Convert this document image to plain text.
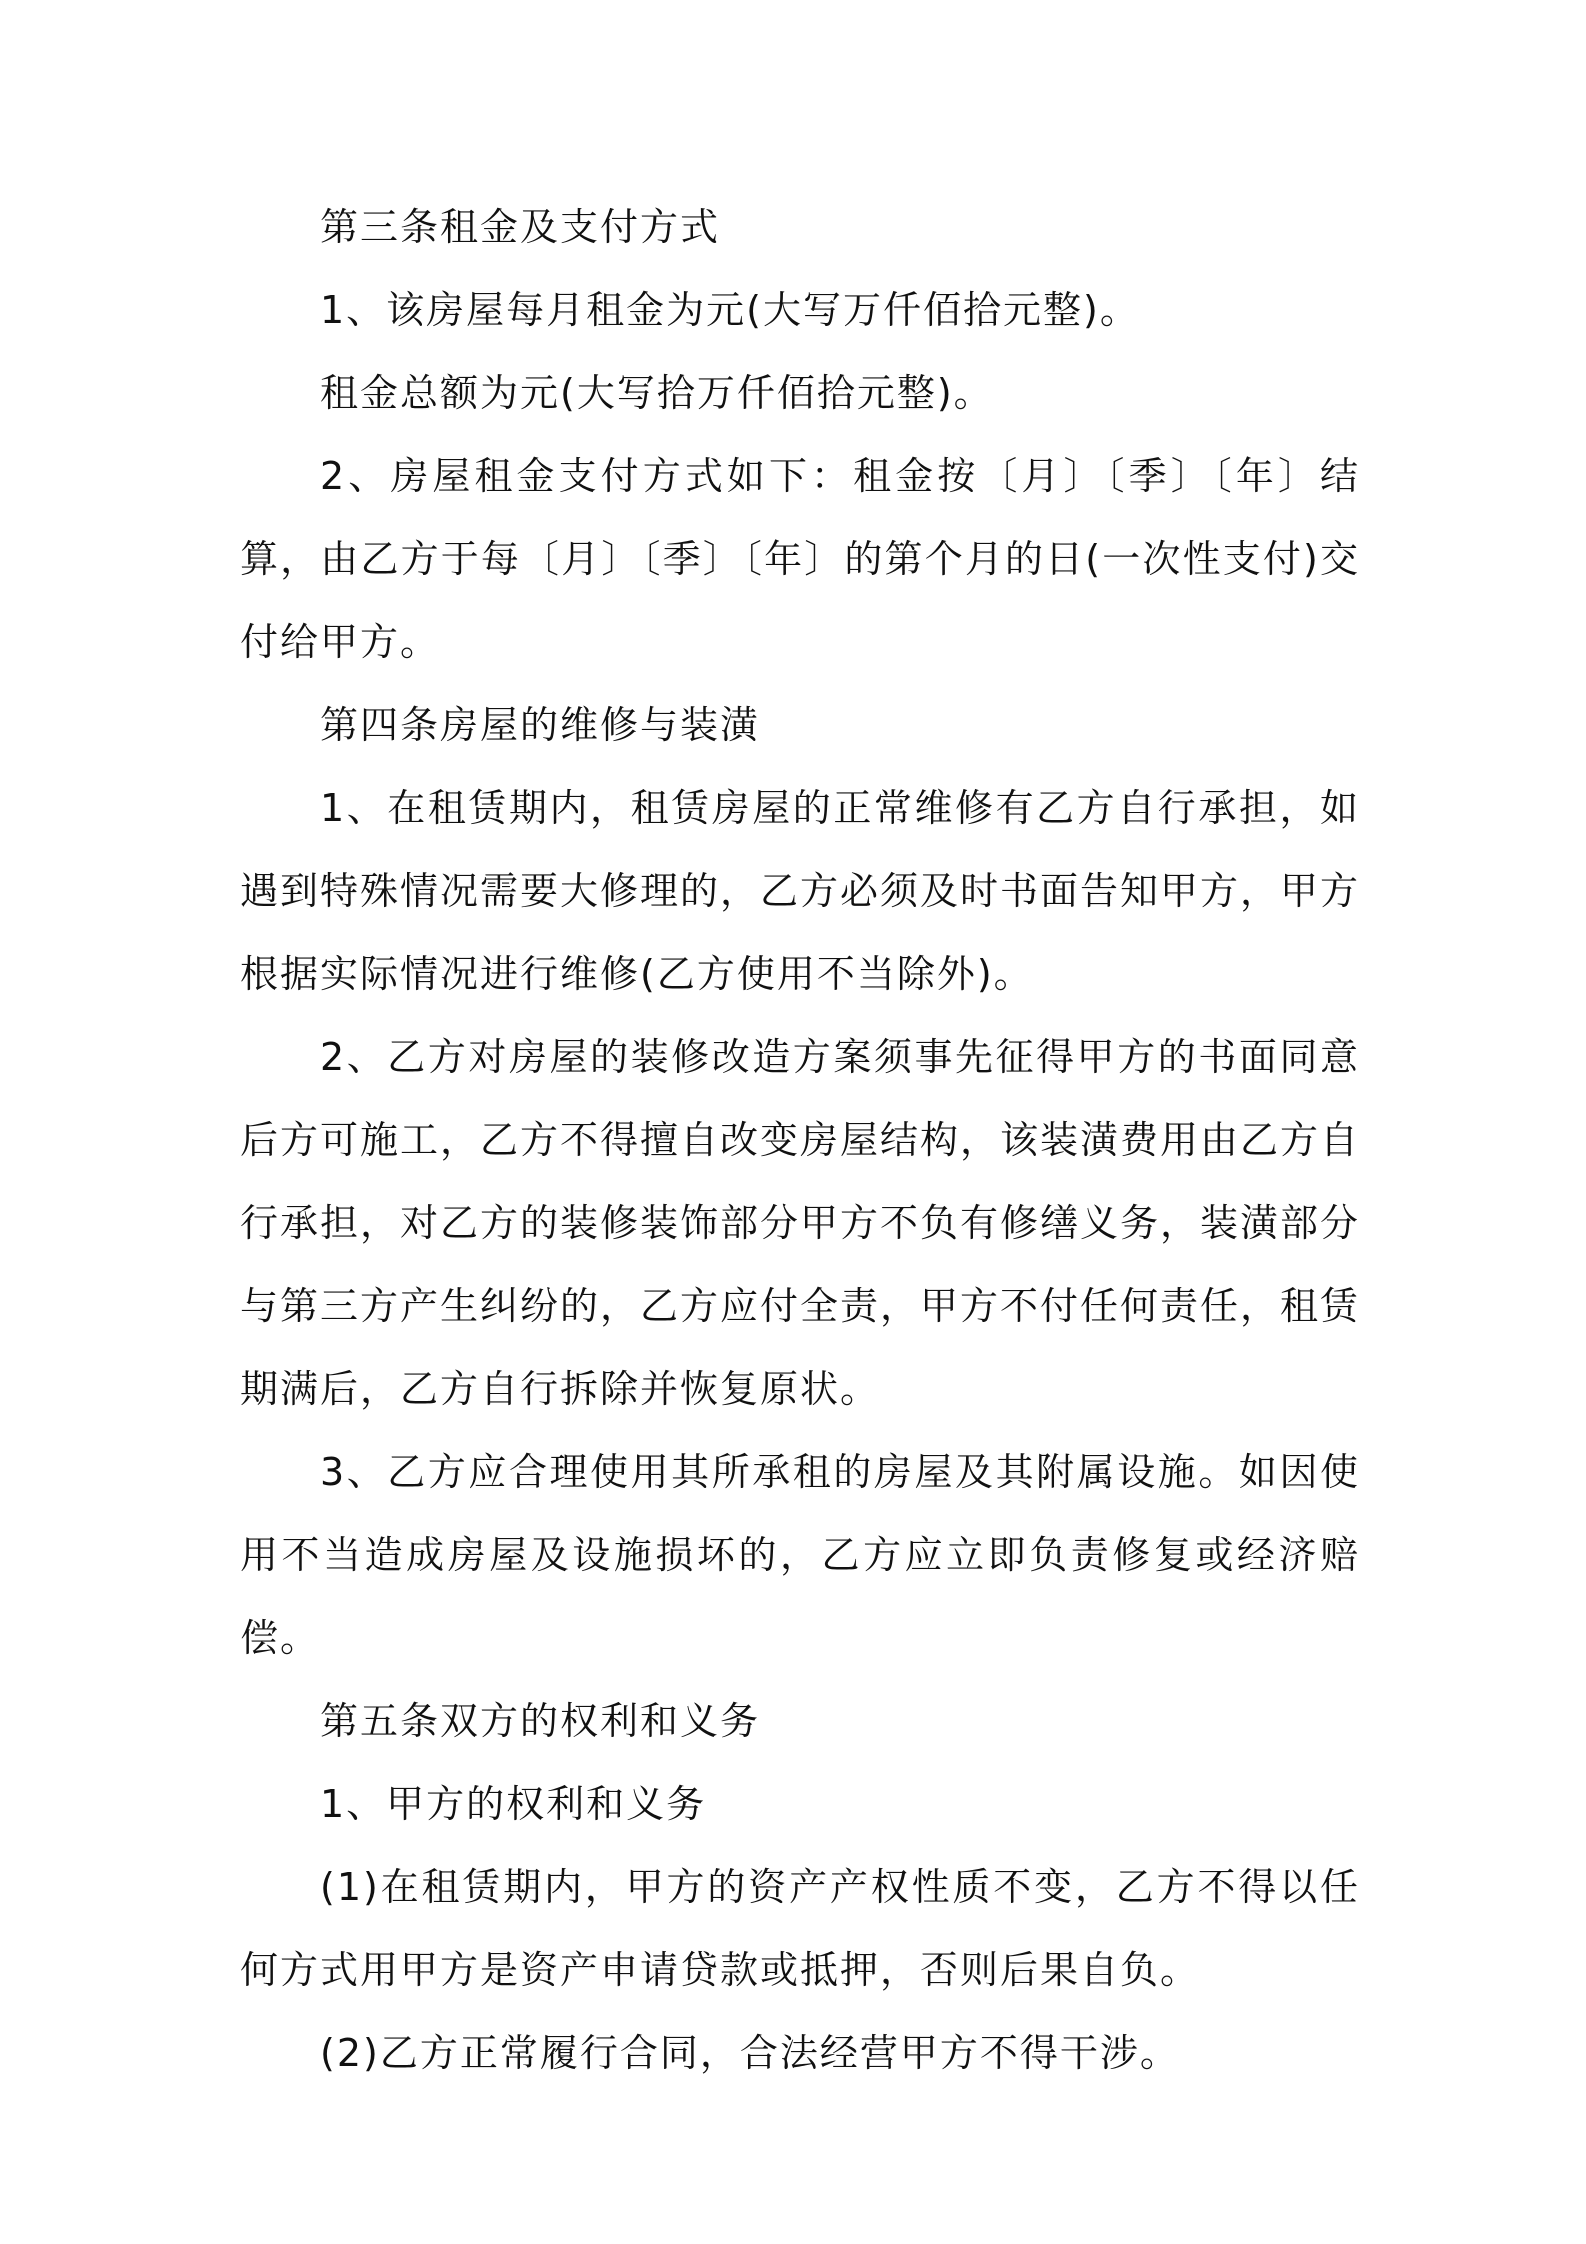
第三条租金及支付方式

1、该房屋每月租金为元(大写万仟佰拾元整)。

租金总额为元(大写拾万仟佰拾元整)。

2、房屋租金支付方式如下：租金按〔月〕〔季〕〔年〕结算，由乙方于每〔月〕〔季〕〔年〕的第个月的日(一次性支付)交付给甲方。

第四条房屋的维修与装潢

1、在租赁期内，租赁房屋的正常维修有乙方自行承担，如遇到特殊情况需要大修理的，乙方必须及时书面告知甲方，甲方根据实际情况进行维修(乙方使用不当除外)。

2、乙方对房屋的装修改造方案须事先征得甲方的书面同意后方可施工，乙方不得擅自改变房屋结构，该装潢费用由乙方自行承担，对乙方的装修装饰部分甲方不负有修缮义务，装潢部分与第三方产生纠纷的，乙方应付全责，甲方不付任何责任，租赁期满后，乙方自行拆除并恢复原状。

3、乙方应合理使用其所承租的房屋及其附属设施。如因使用不当造成房屋及设施损坏的，乙方应立即负责修复或经济赔偿。

第五条双方的权利和义务

1、甲方的权利和义务

(1)在租赁期内，甲方的资产产权性质不变，乙方不得以任何方式用甲方是资产申请贷款或抵押，否则后果自负。

(2)乙方正常履行合同，合法经营甲方不得干涉。
